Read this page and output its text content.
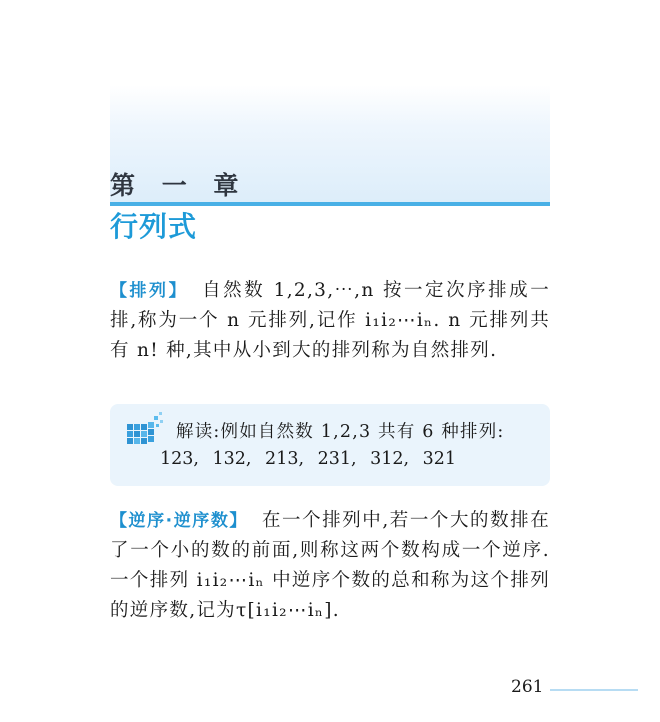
第 一 章
行列式
【排列】 自然数 1,2,3,⋯,n 按一定次序排成一排,称为一个 n 元排列,记作 i₁i₂⋯iₙ. n 元排列共有 n! 种,其中从小到大的排列称为自然排列.
解读:例如自然数 1,2,3 共有 6 种排列:
123, 132, 213, 231, 312, 321
【逆序·逆序数】 在一个排列中,若一个大的数排在了一个小的数的前面,则称这两个数构成一个逆序.一个排列 i₁i₂⋯iₙ 中逆序个数的总和称为这个排列的逆序数,记为τ[i₁i₂⋯iₙ].
261
